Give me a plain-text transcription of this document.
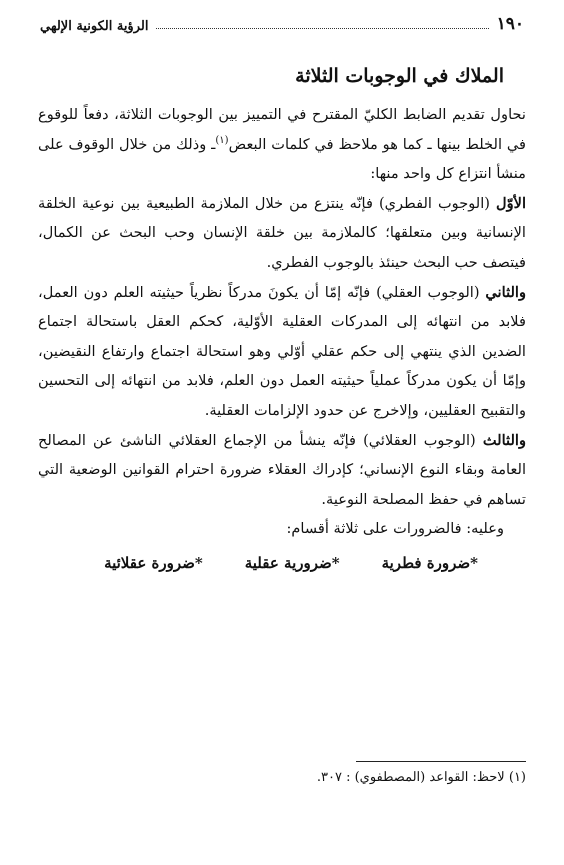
١٩٠
الرؤية الكونية الإلهي
الملاك في الوجوبات الثلاثة

نحاول تقديم الضابط الكليّ المقترح في التمييز بين الوجوبات الثلاثة، دفعاً للوقوع في الخلط بينها ـ كما هو ملاحظ في كلمات البعض$^{(١)}$ـ وذلك من خلال الوقوف على منشأ انتزاع كل واحد منها:

الأوّل (الوجوب الفطري) فإنّه ينتزع من خلال الملازمة الطبيعية بين نوعية الخلقة الإنسانية وبين متعلقها؛ كالملازمة بين خلقة الإنسان وحب البحث عن الكمال، فيتصف حب البحث حينئذ بالوجوب الفطري.

والثاني (الوجوب العقلي) فإنّه إمّا أن يكونَ مدركاً نظرياً حيثيته العلم دون العمل، فلابد من انتهائه إلى المدركات العقلية الأوّلية، كحكم العقل باستحالة اجتماع الضدين الذي ينتهي إلى حكم عقلي أوّلي وهو استحالة اجتماع وارتفاع النقيضين، وإمّا أن يكون مدركاً عملياً حيثيته العمل دون العلم، فلابد من انتهائه إلى التحسين والتقبيح العقليين، وإلاخرج عن حدود الإلزامات العقلية.

والثالث (الوجوب العقلائي) فإنّه ينشأ من الإجماع العقلائي الناشئ عن المصالح العامة وبقاء النوع الإنساني؛ كإدراك العقلاء ضرورة احترام القوانين الوضعية التي تساهم في حفظ المصلحة النوعية.

وعليه: فالضرورات على ثلاثة أقسام:

*ضرورة فطرية
*ضرورية عقلية
*ضرورة عقلائية
(١) لاحظ: القواعد (المصطفوي) : ٣٠٧.
